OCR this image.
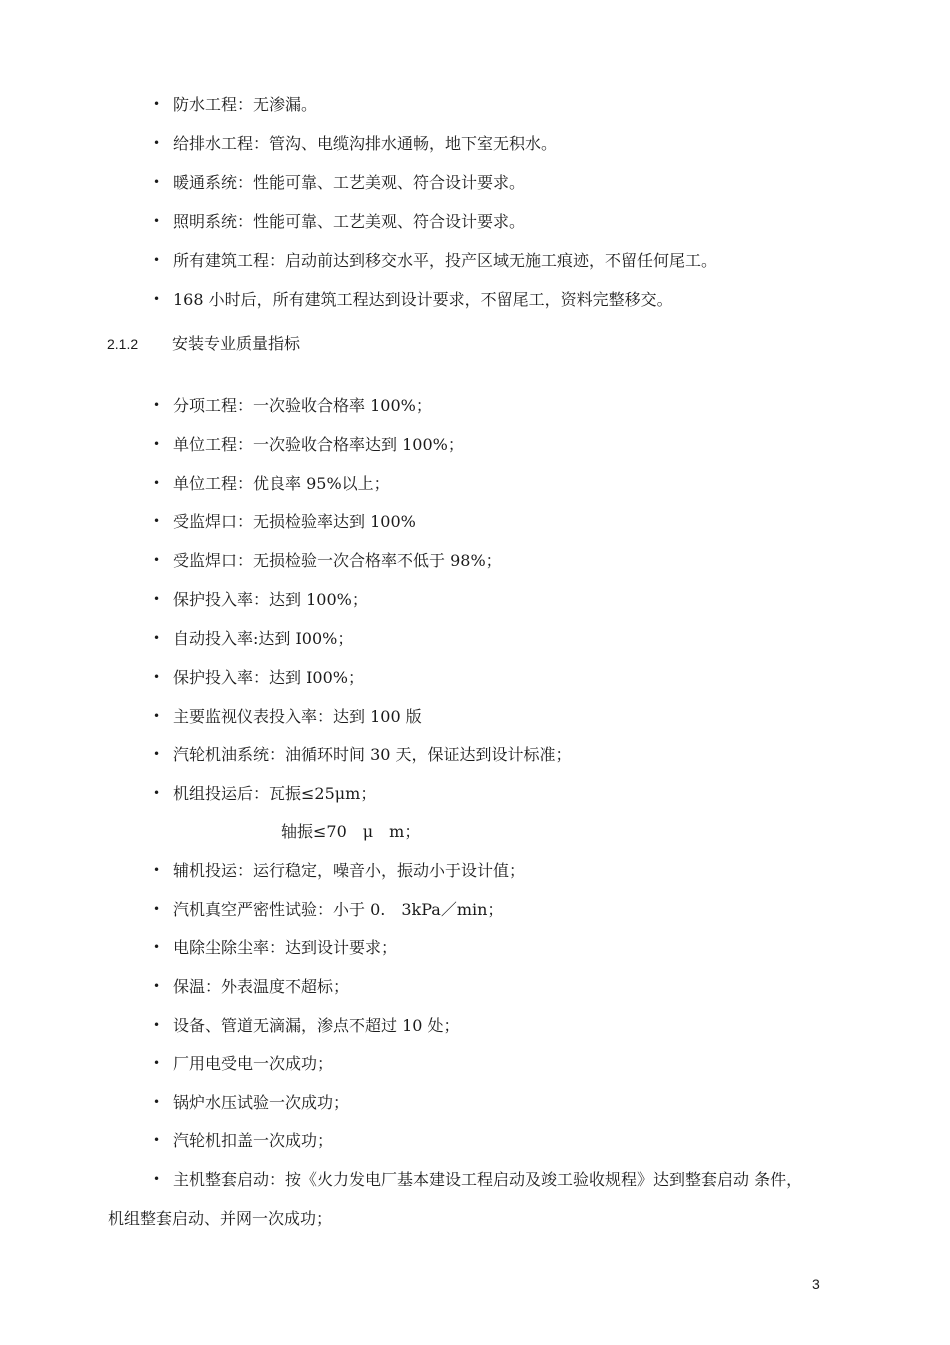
• 防水工程：无渗漏。
• 给排水工程：管沟、电缆沟排水通畅，地下室无积水。
• 暖通系统：性能可靠、工艺美观、符合设计要求。
• 照明系统：性能可靠、工艺美观、符合设计要求。
• 所有建筑工程：启动前达到移交水平，投产区域无施工痕迹，不留任何尾工。
• 168 小时后，所有建筑工程达到设计要求，不留尾工，资料完整移交。
2.1.2 安装专业质量指标
• 分项工程：一次验收合格率 100%；
• 单位工程：一次验收合格率达到 100%；
• 单位工程：优良率 95%以上；
• 受监焊口：无损检验率达到 100%
• 受监焊口：无损检验一次合格率不低于 98%；
• 保护投入率：达到 100%；
• 自动投入率:达到 I00%；
• 保护投入率：达到 I00%；
• 主要监视仪表投入率：达到 100 版
• 汽轮机油系统：油循环时间 30 天，保证达到设计标准；
• 机组投运后：瓦振≤25μm；
轴振≤70　μ　m；
• 辅机投运：运行稳定，噪音小，振动小于设计值；
• 汽机真空严密性试验：小于 0.　3kPa／min；
• 电除尘除尘率：达到设计要求；
• 保温：外表温度不超标；
• 设备、管道无滴漏，渗点不超过 10 处；
• 厂用电受电一次成功；
• 锅炉水压试验一次成功；
• 汽轮机扣盖一次成功；
• 主机整套启动：按《火力发电厂基本建设工程启动及竣工验收规程》达到整套启动 条件，
机组整套启动、并网一次成功；
3
